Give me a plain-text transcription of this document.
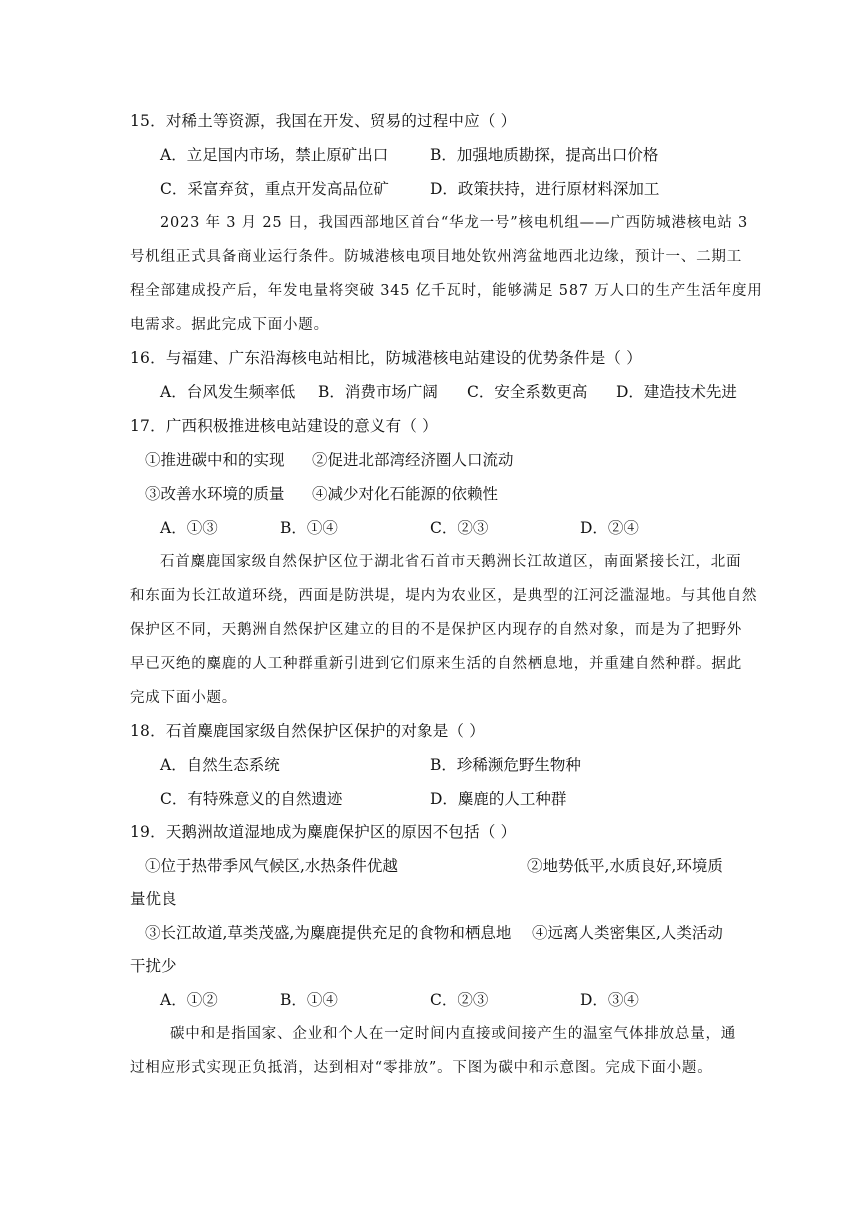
15．对稀土等资源，我国在开发、贸易的过程中应（ ）
A．立足国内市场，禁止原矿出口	B．加强地质勘探，提高出口价格
C．采富弃贫，重点开发高品位矿	D．政策扶持，进行原材料深加工
2023 年 3 月 25 日，我国西部地区首台“华龙一号”核电机组——广西防城港核电站 3
号机组正式具备商业运行条件。防城港核电项目地处钦州湾盆地西北边缘，预计一、二期工
程全部建成投产后，年发电量将突破 345 亿千瓦时，能够满足 587 万人口的生产生活年度用
电需求。据此完成下面小题。
16．与福建、广东沿海核电站相比，防城港核电站建设的优势条件是（ ）
A．台风发生频率低 B．消费市场广阔 C．安全系数更高 D．建造技术先进
17．广西积极推进核电站建设的意义有（ ）
①推进碳中和的实现 ②促进北部湾经济圈人口流动
③改善水环境的质量 ④减少对化石能源的依赖性
A．①③	B．①④	C．②③	D．②④
石首麋鹿国家级自然保护区位于湖北省石首市天鹅洲长江故道区，南面紧接长江，北面
和东面为长江故道环绕，西面是防洪堤，堤内为农业区，是典型的江河泛滥湿地。与其他自然
保护区不同，天鹅洲自然保护区建立的目的不是保护区内现存的自然对象，而是为了把野外
早已灭绝的麋鹿的人工种群重新引进到它们原来生活的自然栖息地，并重建自然种群。据此
完成下面小题。
18．石首麋鹿国家级自然保护区保护的对象是（ ）
A．自然生态系统	B．珍稀濒危野生物种
C．有特殊意义的自然遗迹	D．麋鹿的人工种群
19．天鹅洲故道湿地成为麋鹿保护区的原因不包括（ ）
①位于热带季风气候区,水热条件优越	②地势低平,水质良好,环境质
量优良
③长江故道,草类茂盛,为麋鹿提供充足的食物和栖息地 ④远离人类密集区,人类活动
干扰少
A．①②	B．①④	C．②③	D．③④
碳中和是指国家、企业和个人在一定时间内直接或间接产生的温室气体排放总量，通
过相应形式实现正负抵消，达到相对“零排放”。下图为碳中和示意图。完成下面小题。
